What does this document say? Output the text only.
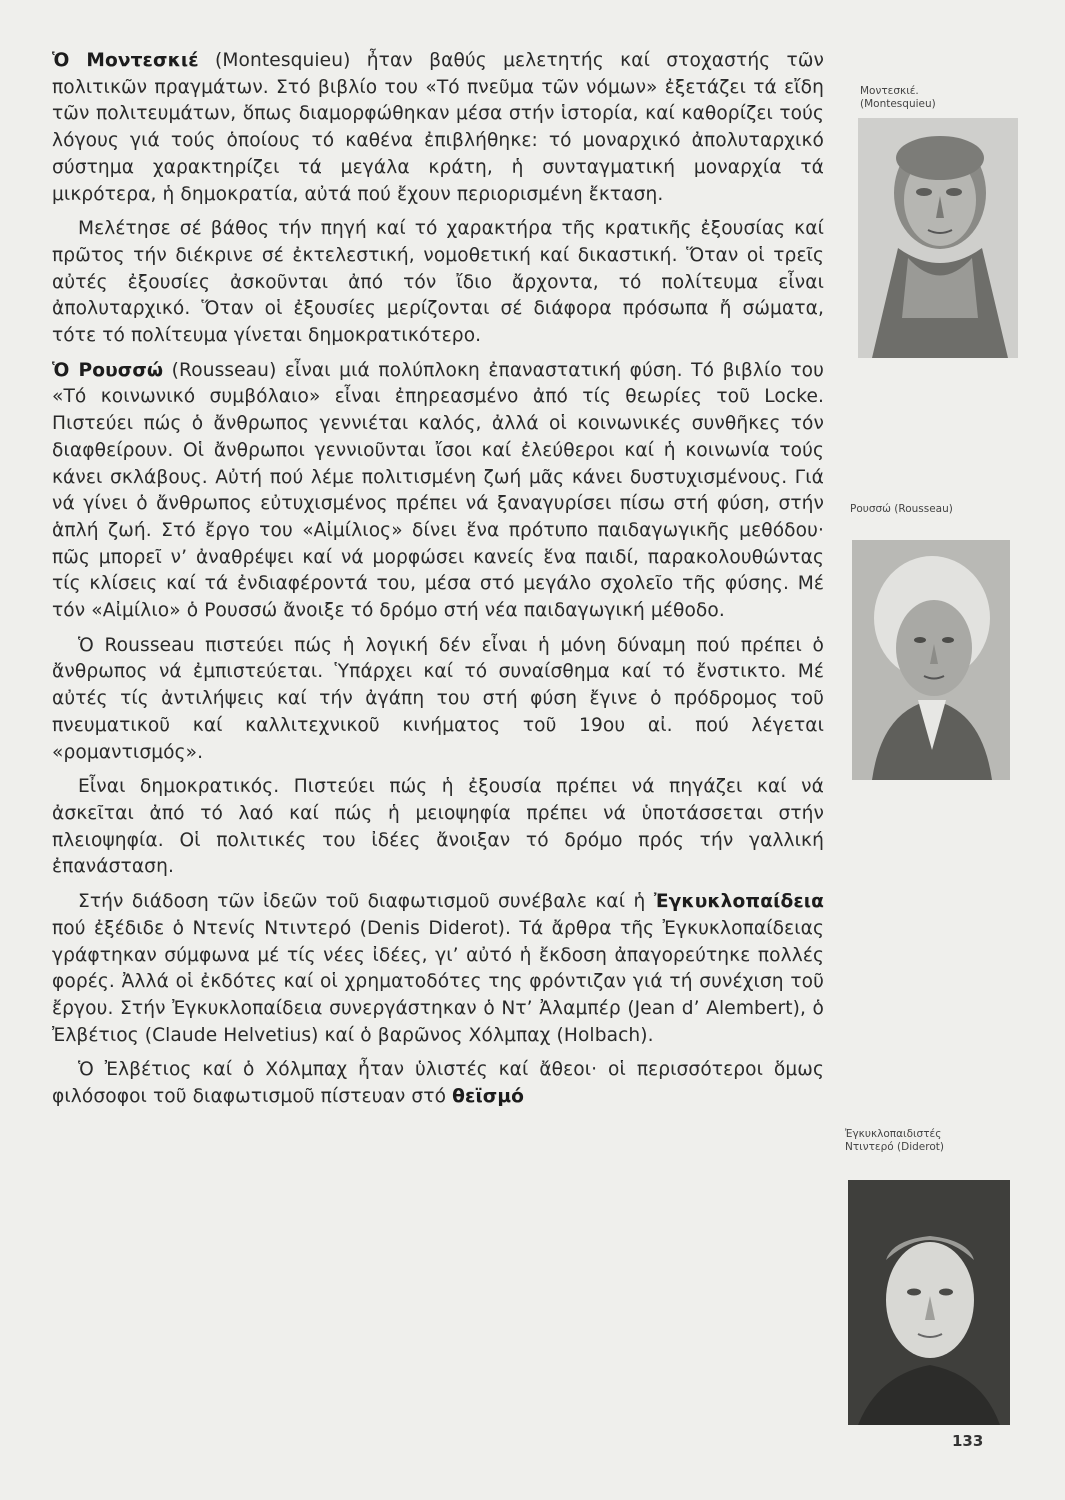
Ὁ Μοντεσκιέ (Montesquieu) ἦταν βαθύς μελετητής καί στοχαστής τῶν πολιτικῶν πραγμάτων. Στό βιβλίο του «Τό πνεῦμα τῶν νόμων» ἐξετάζει τά εἴδη τῶν πολιτευμάτων, ὅπως διαμορφώθηκαν μέσα στήν ἱστορία, καί καθορίζει τούς λόγους γιά τούς ὁποίους τό καθένα ἐπιβλήθηκε: τό μοναρχικό ἀπολυταρχικό σύστημα χαρακτηρίζει τά μεγάλα κράτη, ἡ συνταγματική μοναρχία τά μικρότερα, ἡ δημοκρατία, αὐτά πού ἔχουν περιορισμένη ἔκταση.

Μελέτησε σέ βάθος τήν πηγή καί τό χαρακτήρα τῆς κρατικῆς ἐξουσίας καί πρῶτος τήν διέκρινε σέ ἐκτελεστική, νομοθετική καί δικαστική. Ὅταν οἱ τρεῖς αὐτές ἐξουσίες ἀσκοῦνται ἀπό τόν ἴδιο ἄρχοντα, τό πολίτευμα εἶναι ἀπολυταρχικό. Ὅταν οἱ ἐξουσίες μερίζονται σέ διάφορα πρόσωπα ἤ σώματα, τότε τό πολίτευμα γίνεται δημοκρατικότερο.

Ὁ Ρουσσώ (Rousseau) εἶναι μιά πολύπλοκη ἐπαναστατική φύση. Τό βιβλίο του «Τό κοινωνικό συμβόλαιο» εἶναι ἐπηρεασμένο ἀπό τίς θεωρίες τοῦ Locke. Πιστεύει πώς ὁ ἄνθρωπος γεννιέται καλός, ἀλλά οἱ κοινωνικές συνθῆκες τόν διαφθείρουν. Οἱ ἄνθρωποι γεννιοῦνται ἴσοι καί ἐλεύθεροι καί ἡ κοινωνία τούς κάνει σκλάβους. Αὐτή πού λέμε πολιτισμένη ζωή μᾶς κάνει δυστυχισμένους. Γιά νά γίνει ὁ ἄνθρωπος εὐτυχισμένος πρέπει νά ξαναγυρίσει πίσω στή φύση, στήν ἁπλή ζωή. Στό ἔργο του «Αἰμίλιος» δίνει ἕνα πρότυπο παιδαγωγικῆς μεθόδου· πῶς μπορεῖ ν’ ἀναθρέψει καί νά μορφώσει κανείς ἕνα παιδί, παρακολουθώντας τίς κλίσεις καί τά ἐνδιαφέροντά του, μέσα στό μεγάλο σχολεῖο τῆς φύσης. Μέ τόν «Αἰμίλιο» ὁ Ρουσσώ ἄνοιξε τό δρόμο στή νέα παιδαγωγική μέθοδο.

Ὁ Rousseau πιστεύει πώς ἡ λογική δέν εἶναι ἡ μόνη δύναμη πού πρέπει ὁ ἄνθρωπος νά ἐμπιστεύεται. Ὑπάρχει καί τό συναίσθημα καί τό ἔνστικτο. Μέ αὐτές τίς ἀντιλήψεις καί τήν ἀγάπη του στή φύση ἔγινε ὁ πρόδρομος τοῦ πνευματικοῦ καί καλλιτεχνικοῦ κινήματος τοῦ 19ου αἰ. πού λέγεται «ρομαντισμός».

Εἶναι δημοκρατικός. Πιστεύει πώς ἡ ἐξουσία πρέπει νά πηγάζει καί νά ἀσκεῖται ἀπό τό λαό καί πώς ἡ μειοψηφία πρέπει νά ὑποτάσσεται στήν πλειοψηφία. Οἱ πολιτικές του ἰδέες ἄνοιξαν τό δρόμο πρός τήν γαλλική ἐπανάσταση.

Στήν διάδοση τῶν ἰδεῶν τοῦ διαφωτισμοῦ συνέβαλε καί ἡ Ἐγκυκλοπαίδεια πού ἐξέδιδε ὁ Ντενίς Ντιντερό (Denis Diderot). Τά ἄρθρα τῆς Ἐγκυκλοπαίδειας γράφτηκαν σύμφωνα μέ τίς νέες ἰδέες, γι’ αὐτό ἡ ἔκδοση ἀπαγορεύτηκε πολλές φορές. Ἀλλά οἱ ἐκδότες καί οἱ χρηματοδότες της φρόντιζαν γιά τή συνέχιση τοῦ ἔργου. Στήν Ἐγκυκλοπαίδεια συνεργάστηκαν ὁ Ντ’ Ἀλαμπέρ (Jean d’ Alembert), ὁ Ἐλβέτιος (Claude Helvetius) καί ὁ βαρῶνος Χόλμπαχ (Holbach).

Ὁ Ἐλβέτιος καί ὁ Χόλμπαχ ἦταν ὑλιστές καί ἄθεοι· οἱ περισσότεροι ὅμως φιλόσοφοι τοῦ διαφωτισμοῦ πίστευαν στό θεϊσμό

Μοντεσκιέ.
(Montesquieu)
Ρουσσώ (Rousseau)
Ἐγκυκλοπαιδιστές
Ντιντερό (Diderot)
133
